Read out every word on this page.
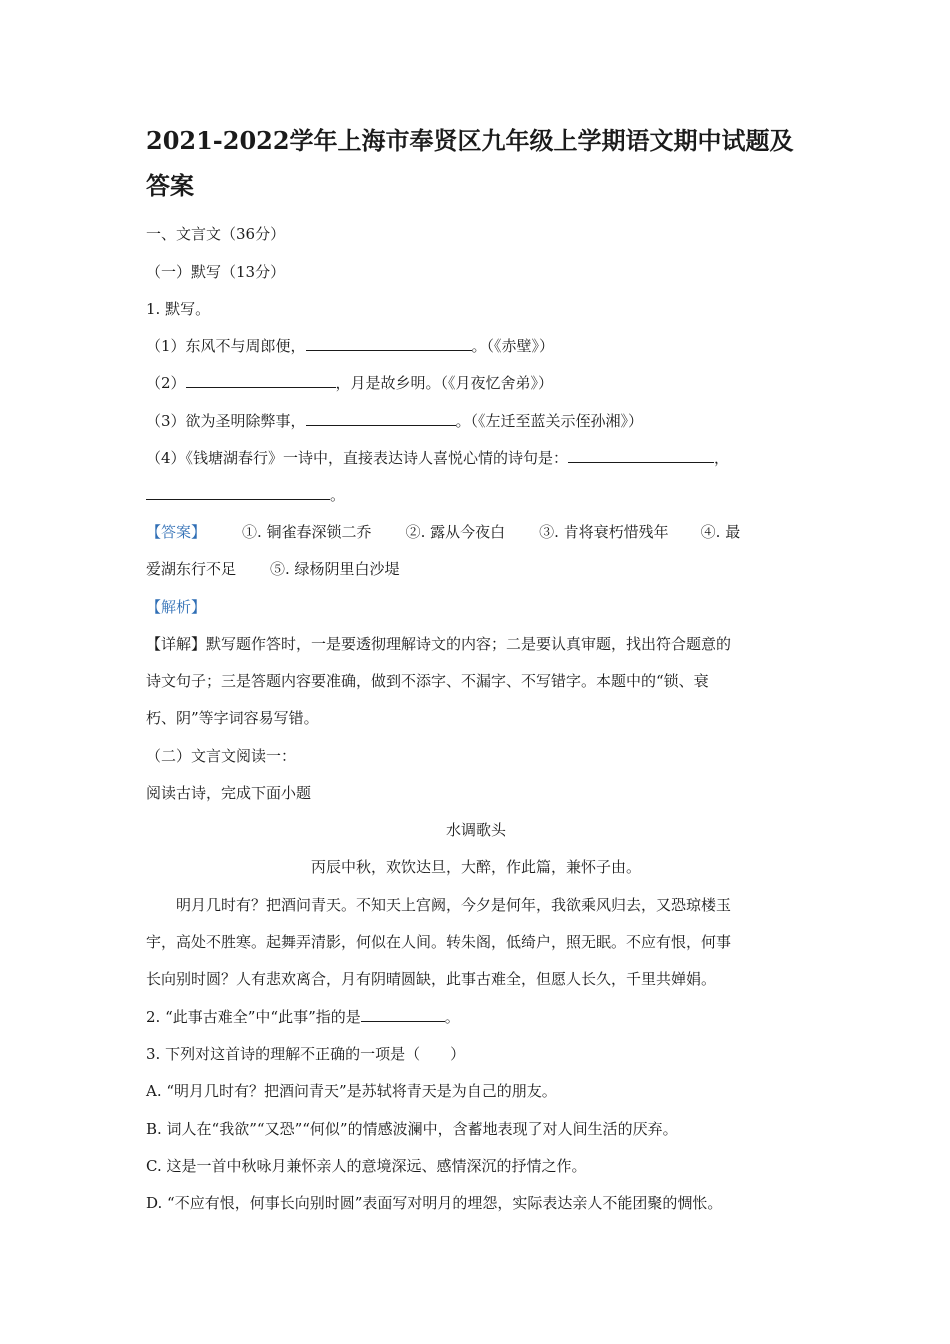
2021-2022学年上海市奉贤区九年级上学期语文期中试题及
答案
一、文言文（36分）
（一）默写（13分）
1. 默写。
（1）东风不与周郎便，	。（《赤壁》）
（2）	，月是故乡明。（《月夜忆舍弟》）
（3）欲为圣明除弊事，	。（《左迁至蓝关示侄孙湘》）
（4）《钱塘湖春行》一诗中，直接表达诗人喜悦心情的诗句是：	，
。
【答案】 ①. 铜雀春深锁二乔 ②. 露从今夜白 ③. 肯将衰朽惜残年 ④. 最
爱湖东行不足 ⑤. 绿杨阴里白沙堤
【解析】
【详解】默写题作答时，一是要透彻理解诗文的内容；二是要认真审题，找出符合题意的
诗文句子；三是答题内容要准确，做到不添字、不漏字、不写错字。本题中的“锁、衰
朽、阴”等字词容易写错。
（二）文言文阅读一：
阅读古诗，完成下面小题
水调歌头
丙辰中秋，欢饮达旦，大醉，作此篇，兼怀子由。
明月几时有？把酒问青天。不知天上宫阙，今夕是何年，我欲乘风归去，又恐琼楼玉
宇，高处不胜寒。起舞弄清影，何似在人间。转朱阁，低绮户，照无眠。不应有恨，何事
长向别时圆？人有悲欢离合，月有阴晴圆缺，此事古难全，但愿人长久，千里共婵娟。
2. “此事古难全”中“此事”指的是	。
3. 下列对这首诗的理解不正确的一项是（　　）
A. “明月几时有？把酒问青天”是苏轼将青天是为自己的朋友。
B. 词人在“我欲”“又恐”“何似”的情感波澜中，含蓄地表现了对人间生活的厌弃。
C. 这是一首中秋咏月兼怀亲人的意境深远、感情深沉的抒情之作。
D. “不应有恨，何事长向别时圆”表面写对明月的埋怨，实际表达亲人不能团聚的惆怅。
